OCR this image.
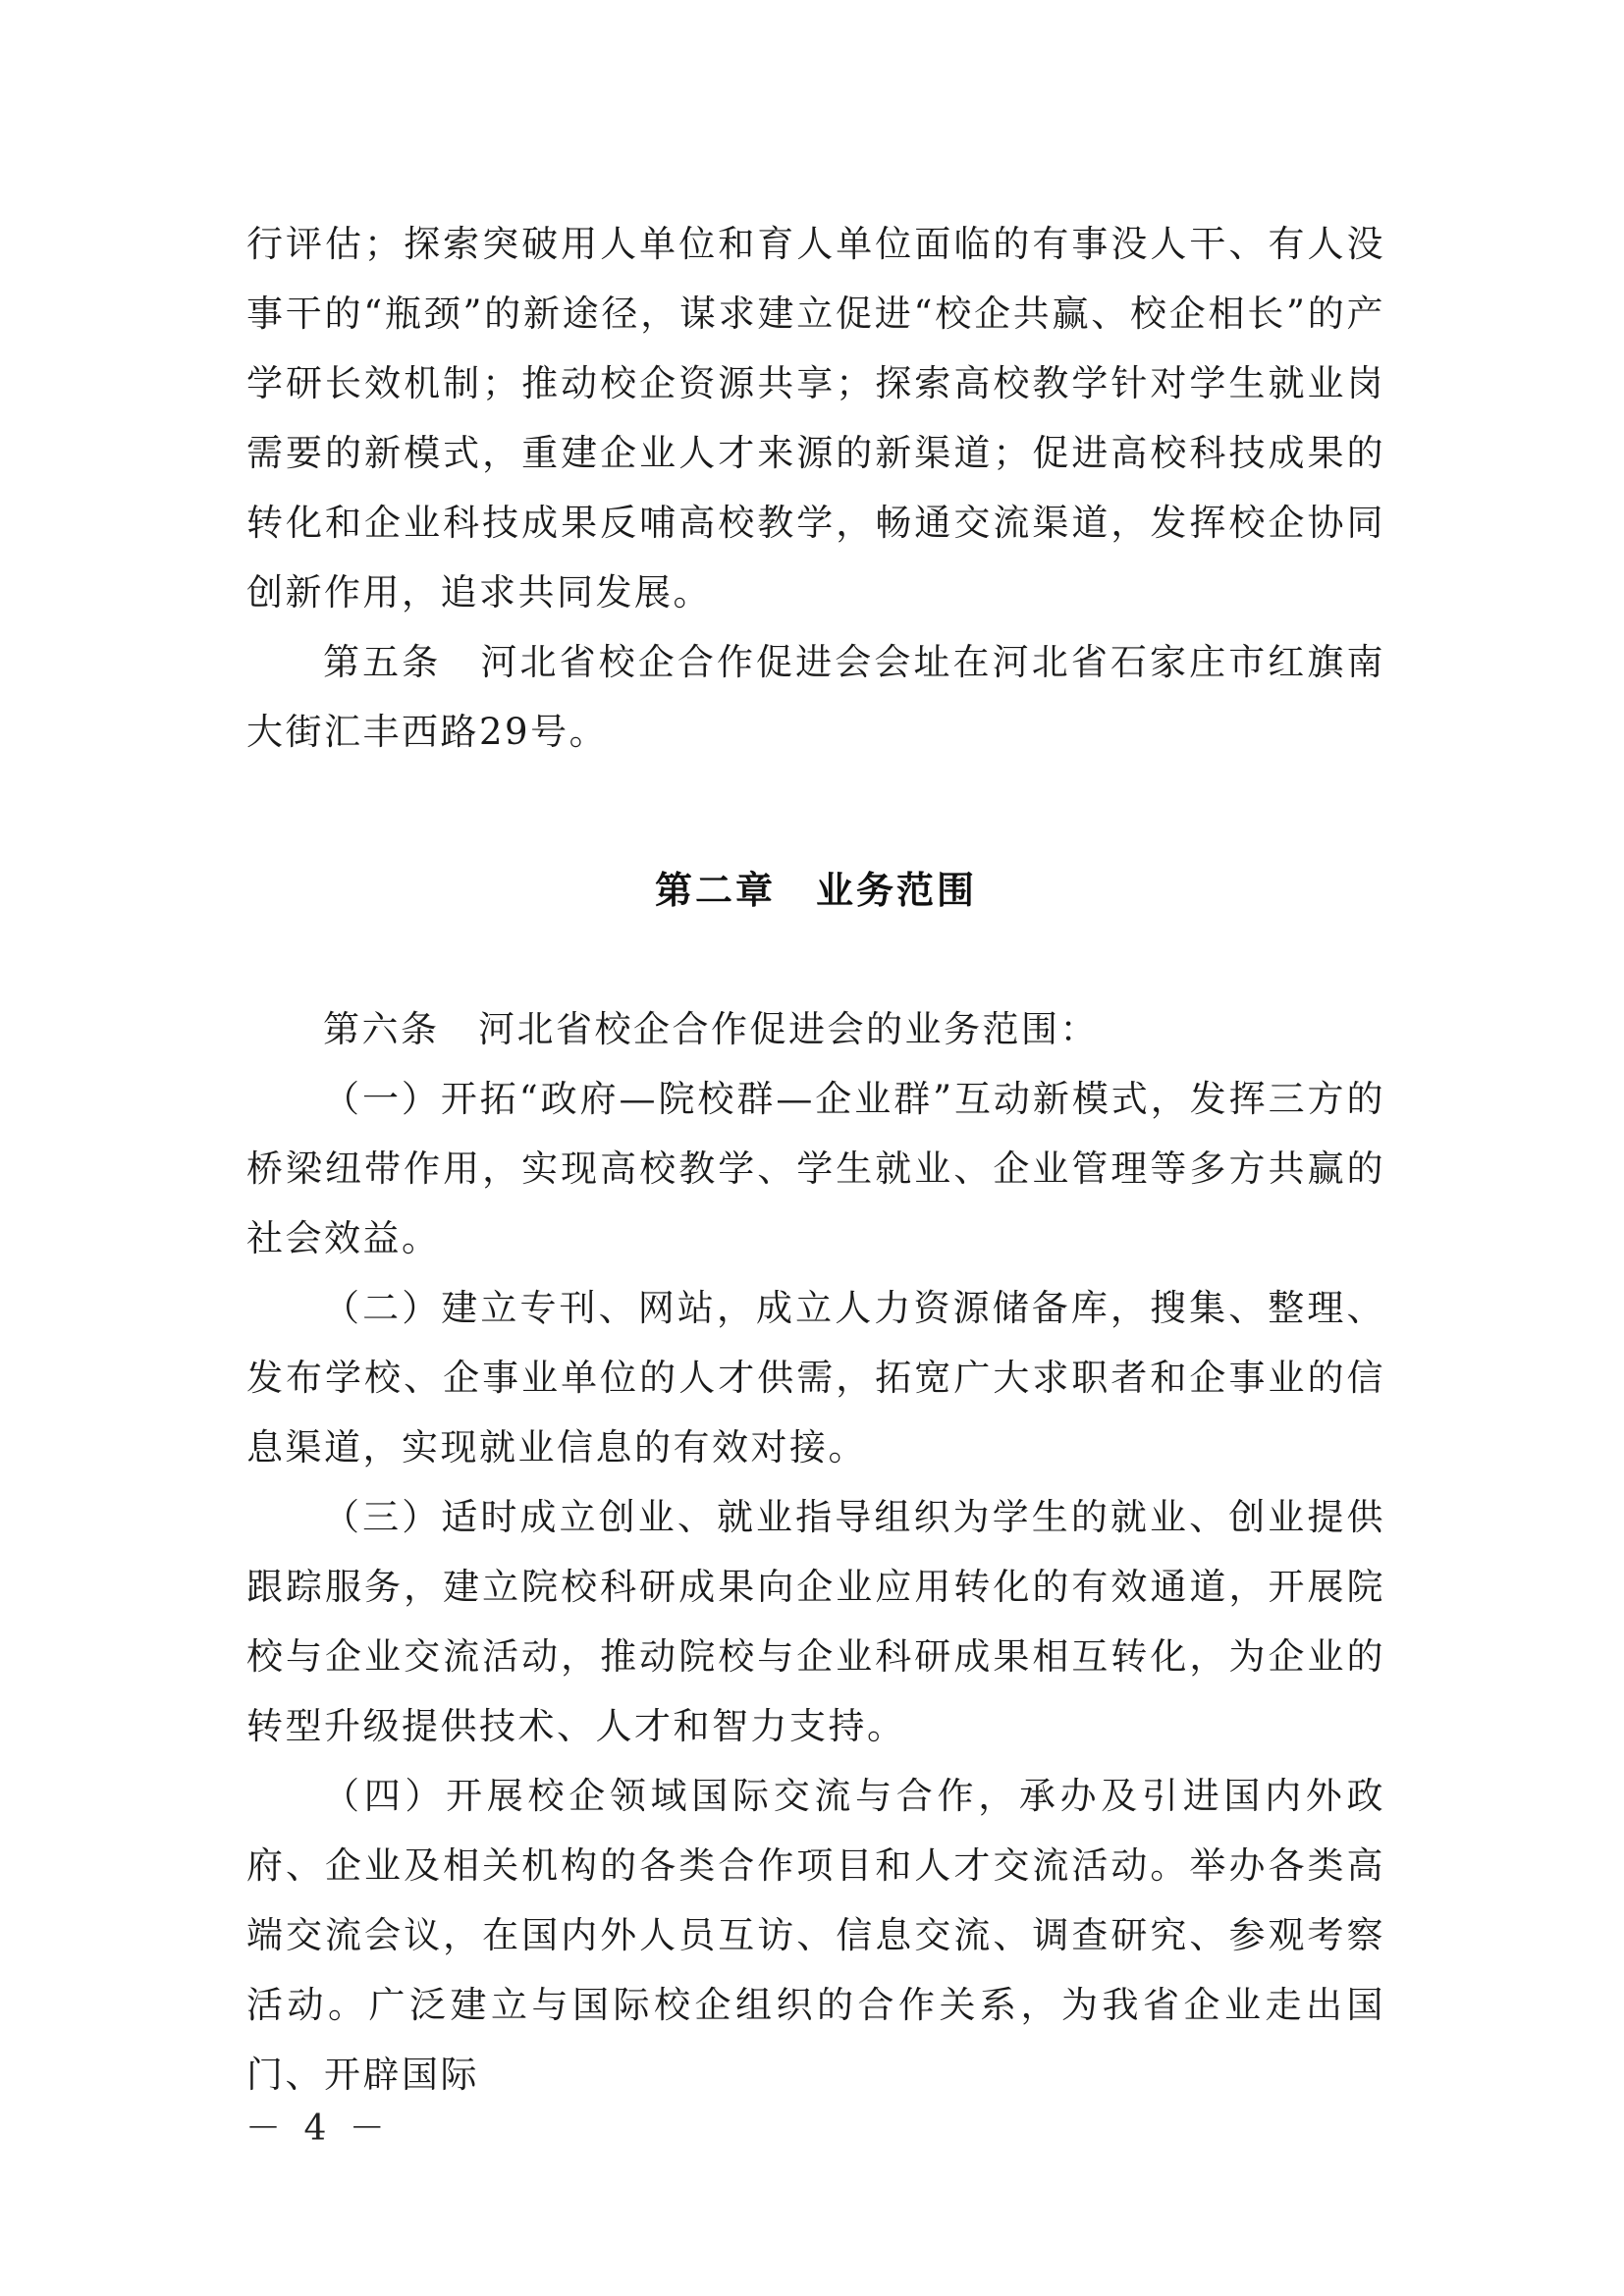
行评估；探索突破用人单位和育人单位面临的有事没人干、有人没事干的“瓶颈”的新途径，谋求建立促进“校企共赢、校企相长”的产学研长效机制；推动校企资源共享；探索高校教学针对学生就业岗需要的新模式，重建企业人才来源的新渠道；促进高校科技成果的转化和企业科技成果反哺高校教学，畅通交流渠道，发挥校企协同创新作用，追求共同发展。

第五条　河北省校企合作促进会会址在河北省石家庄市红旗南大街汇丰西路29号。

第二章　业务范围

第六条　河北省校企合作促进会的业务范围：

（一）开拓“政府—院校群—企业群”互动新模式，发挥三方的桥梁纽带作用，实现高校教学、学生就业、企业管理等多方共赢的社会效益。

（二）建立专刊、网站，成立人力资源储备库，搜集、整理、发布学校、企事业单位的人才供需，拓宽广大求职者和企事业的信息渠道，实现就业信息的有效对接。

（三）适时成立创业、就业指导组织为学生的就业、创业提供跟踪服务，建立院校科研成果向企业应用转化的有效通道，开展院校与企业交流活动，推动院校与企业科研成果相互转化，为企业的转型升级提供技术、人才和智力支持。

（四）开展校企领域国际交流与合作，承办及引进国内外政府、企业及相关机构的各类合作项目和人才交流活动。举办各类高端交流会议，在国内外人员互访、信息交流、调查研究、参观考察活动。广泛建立与国际校企组织的合作关系，为我省企业走出国门、开辟国际

－ 4 －
